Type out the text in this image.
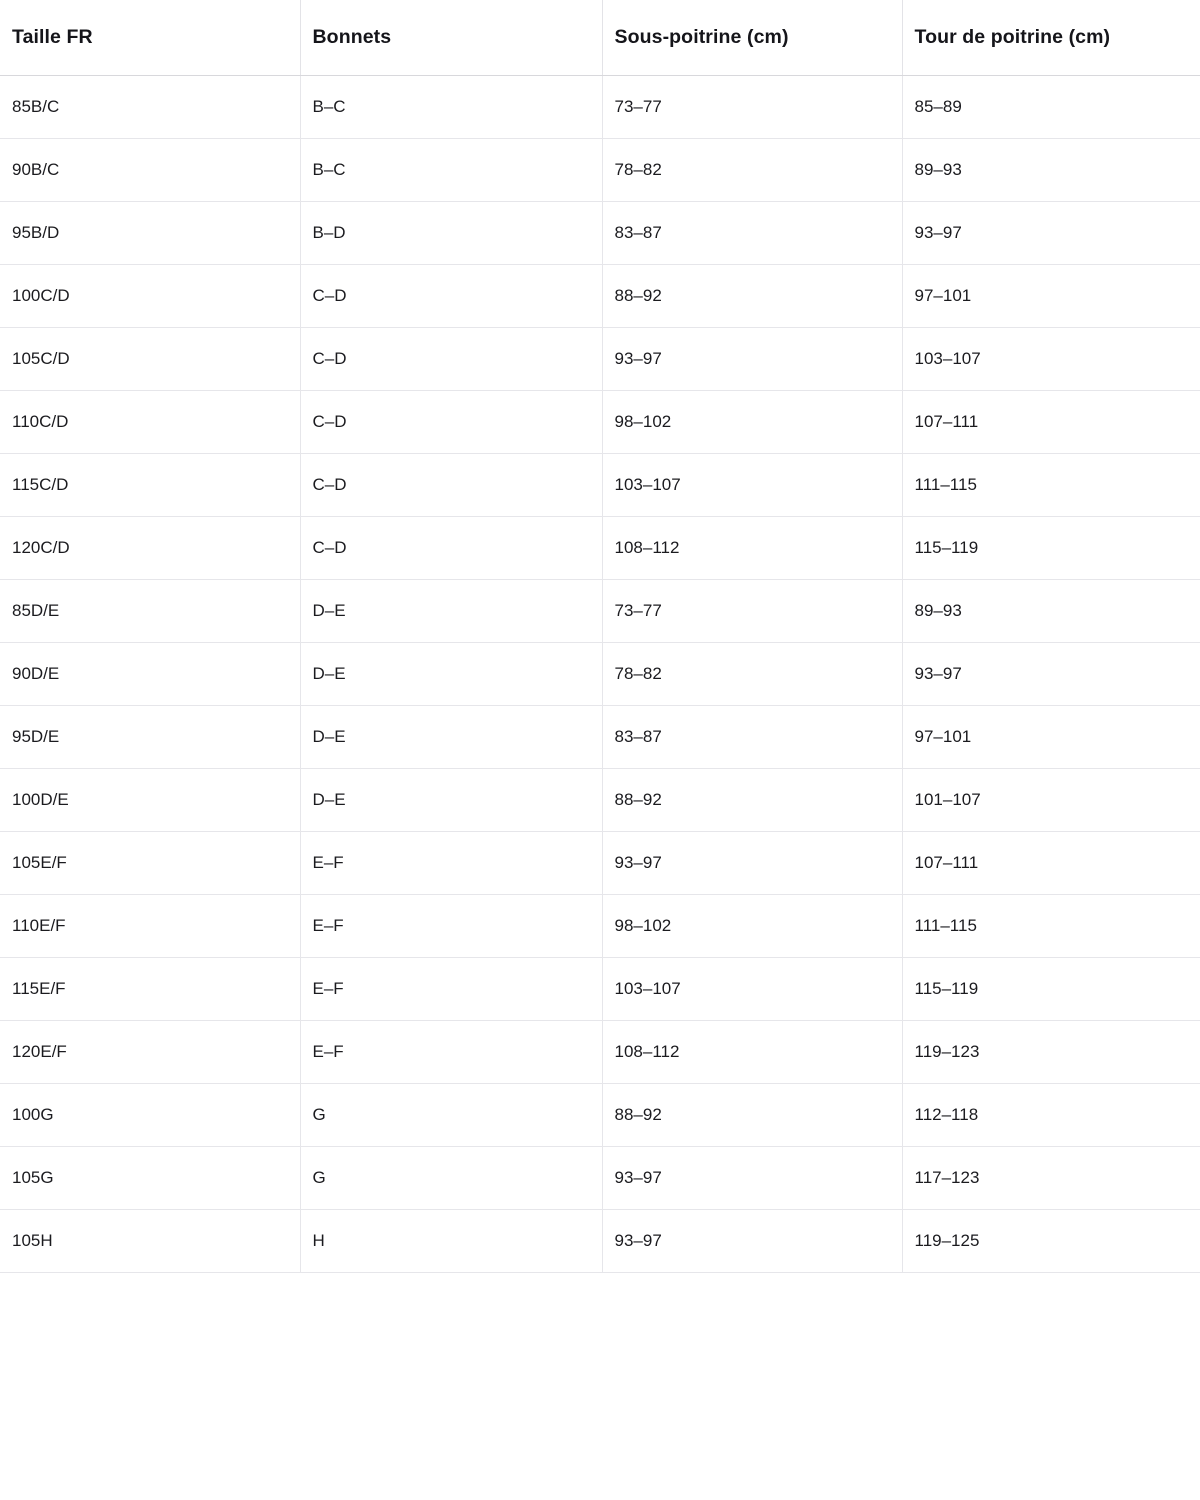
Taille FR	Bonnets	Sous-poitrine (cm)	Tour de poitrine (cm)
85B/C	B–C	73–77	85–89
90B/C	B–C	78–82	89–93
95B/D	B–D	83–87	93–97
100C/D	C–D	88–92	97–101
105C/D	C–D	93–97	103–107
110C/D	C–D	98–102	107–111
115C/D	C–D	103–107	111–115
120C/D	C–D	108–112	115–119
85D/E	D–E	73–77	89–93
90D/E	D–E	78–82	93–97
95D/E	D–E	83–87	97–101
100D/E	D–E	88–92	101–107
105E/F	E–F	93–97	107–111
110E/F	E–F	98–102	111–115
115E/F	E–F	103–107	115–119
120E/F	E–F	108–112	119–123
100G	G	88–92	112–118
105G	G	93–97	117–123
105H	H	93–97	119–125
